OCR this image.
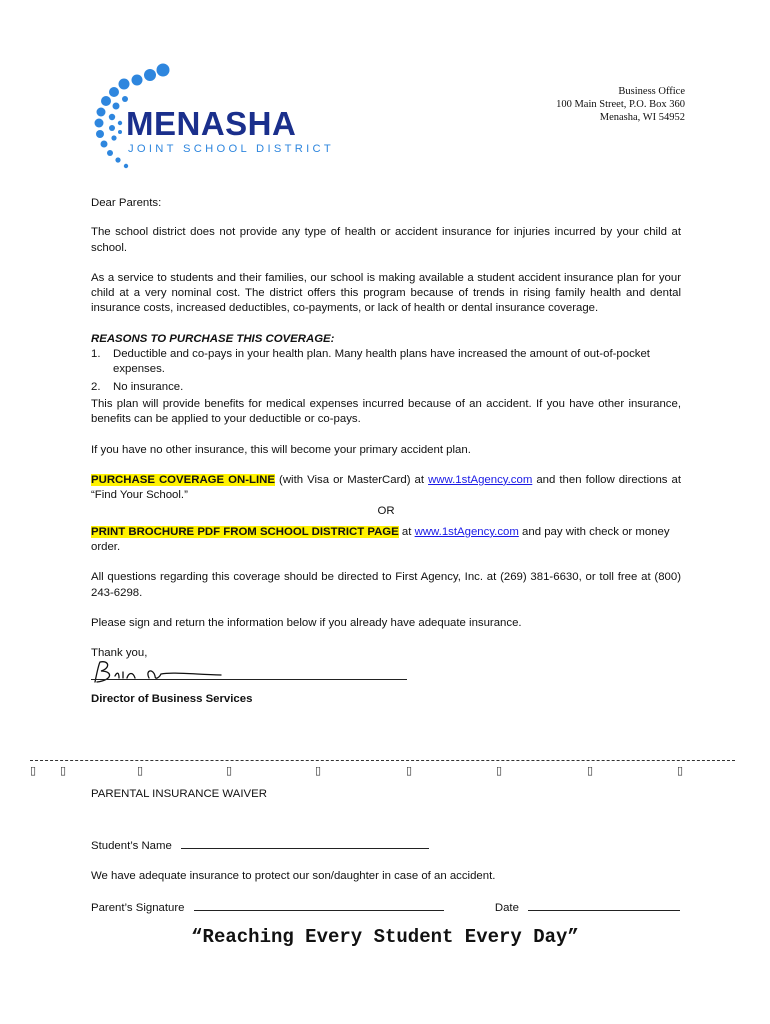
MENASHA
JOINT SCHOOL DISTRICT
Business Office
100 Main Street, P.O. Box 360
Menasha, WI 54952

Dear Parents:

The school district does not provide any type of health or accident insurance for injuries incurred by your child at school.

As a service to students and their families, our school is making available a student accident insurance plan for your child at a very nominal cost. The district offers this program because of trends in rising family health and dental insurance costs, increased deductibles, co-payments, or lack of health or dental insurance coverage.

REASONS TO PURCHASE THIS COVERAGE:

1. Deductible and co-pays in your health plan. Many health plans have increased the amount of out-of-pocket expenses.
2. No insurance.

This plan will provide benefits for medical expenses incurred because of an accident. If you have other insurance, benefits can be applied to your deductible or co-pays.

If you have no other insurance, this will become your primary accident plan.

PURCHASE COVERAGE ON-LINE (with Visa or MasterCard) at www.1stAgency.com and then follow directions at “Find Your School.”

OR

PRINT BROCHURE PDF FROM SCHOOL DISTRICT PAGE at www.1stAgency.com and pay with check or money order.

All questions regarding this coverage should be directed to First Agency, Inc. at (269) 381-6630, or toll free at (800) 243-6298.

Please sign and return the information below if you already have adequate insurance.

Thank you,

Director of Business Services

▯ ▯	▯	▯	▯	▯	▯	▯	▯
PARENTAL INSURANCE WAIVER
Student’s Name
We have adequate insurance to protect our son/daughter in case of an accident.
Parent’s Signature	Date
“Reaching Every Student Every Day”
